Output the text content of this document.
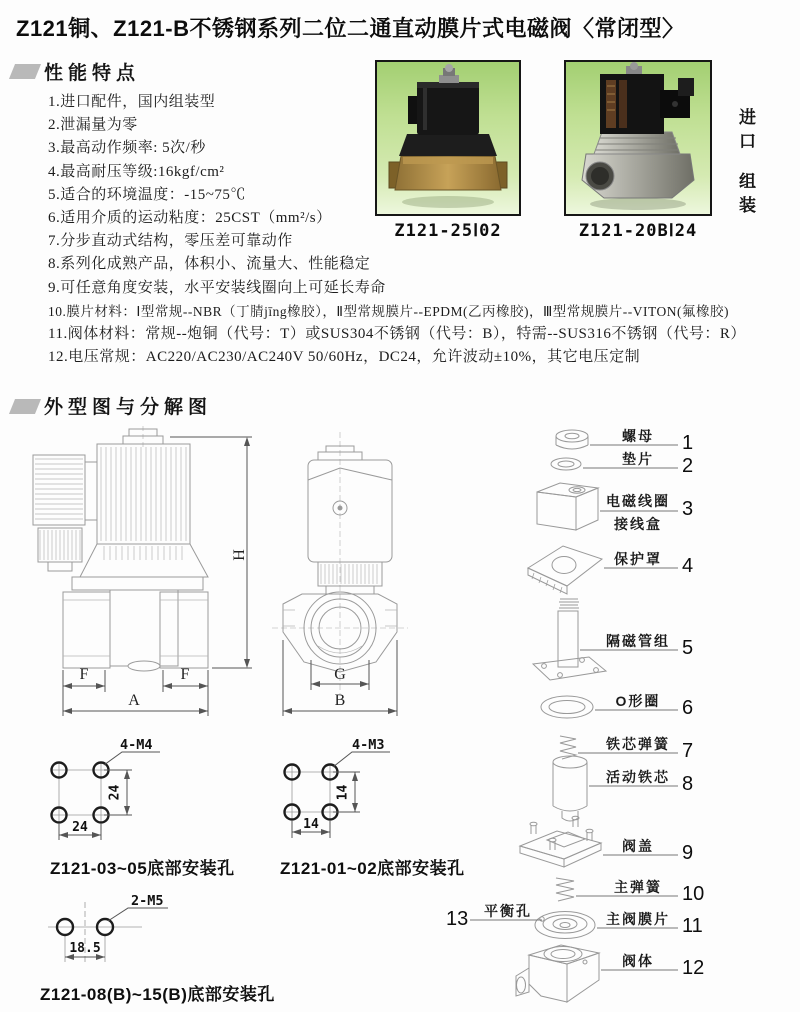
Z121铜、Z121-B不锈钢系列二位二通直动膜片式电磁阀〈常闭型〉
性能特点
1.进口配件，国内组装型
2.泄漏量为零
3.最高动作频率: 5次/秒
4.最高耐压等级:16kgf/cm²
5.适合的环境温度：-15~75℃
6.适用介质的运动粘度：25CST（mm²/s）
7.分步直动式结构，零压差可靠动作
8.系列化成熟产品，体积小、流量大、性能稳定
9.可任意角度安装，水平安装线圈向上可延长寿命
10.膜片材料：Ⅰ型常规--NBR（丁腈jīng橡胶），Ⅱ型常规膜片--EPDM(乙丙橡胶)，Ⅲ型常规膜片--VITON(氟橡胶)
11.阀体材料：常规--炮铜（代号：T）或SUS304不锈钢（代号：B），特需--SUS316不锈钢（代号：R）
12.电压常规：AC220/AC230/AC240V 50/60Hz，DC24，允许波动±10%，其它电压定制
Z121-25Ⅰ02	Z121-20BⅠ24
进口
组装
外型图与分解图
H
F	F
A
G
B
4-M4
24
24
Z121-03~05底部安装孔
4-M3
14
14
Z121-01~02底部安装孔
2-M5
18.5
Z121-08(B)~15(B)底部安装孔
螺母	1
垫片	2
电磁线圈
接线盒
3
保护罩	4
隔磁管组 5
O形圈	6
铁芯弹簧 7
活动铁芯 8
阀盖	9
主弹簧	10
主阀膜片 11
阀体	12
13	平衡孔
